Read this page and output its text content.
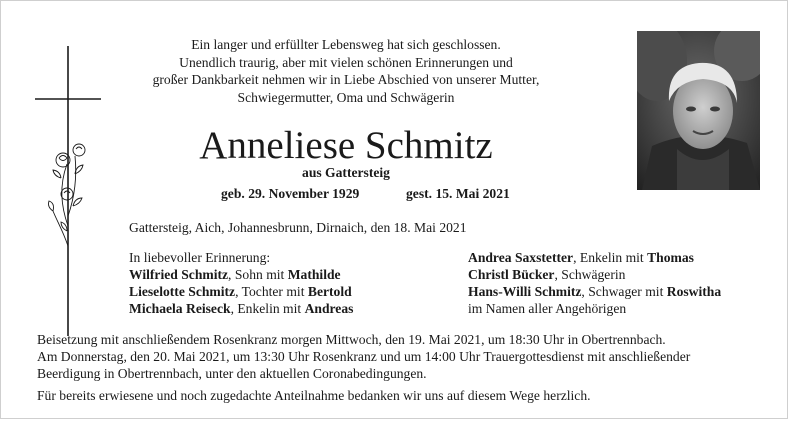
Ein langer und erfüllter Lebensweg hat sich geschlossen.
Unendlich traurig, aber mit vielen schönen Erinnerungen und
großer Dankbarkeit nehmen wir in Liebe Abschied von unserer Mutter,
Schwiegermutter, Oma und Schwägerin
Anneliese Schmitz
aus Gattersteig
geb. 29. November 1929	gest. 15. Mai 2021
Gattersteig, Aich, Johannesbrunn, Dirnaich, den 18. Mai 2021
In liebevoller Erinnerung:
Wilfried Schmitz, Sohn mit Mathilde
Lieselotte Schmitz, Tochter mit Bertold
Michaela Reiseck, Enkelin mit Andreas
Andrea Saxstetter, Enkelin mit Thomas
Christl Bücker, Schwägerin
Hans-Willi Schmitz, Schwager mit Roswitha
im Namen aller Angehörigen
Beisetzung mit anschließendem Rosenkranz morgen Mittwoch, den 19. Mai 2021, um 18:30 Uhr in Obertrennbach.
Am Donnerstag, den 20. Mai 2021, um 13:30 Uhr Rosenkranz und um 14:00 Uhr Trauergottesdienst mit anschließender
Beerdigung in Obertrennbach, unter den aktuellen Coronabedingungen.
Für bereits erwiesene und noch zugedachte Anteilnahme bedanken wir uns auf diesem Wege herzlich.
